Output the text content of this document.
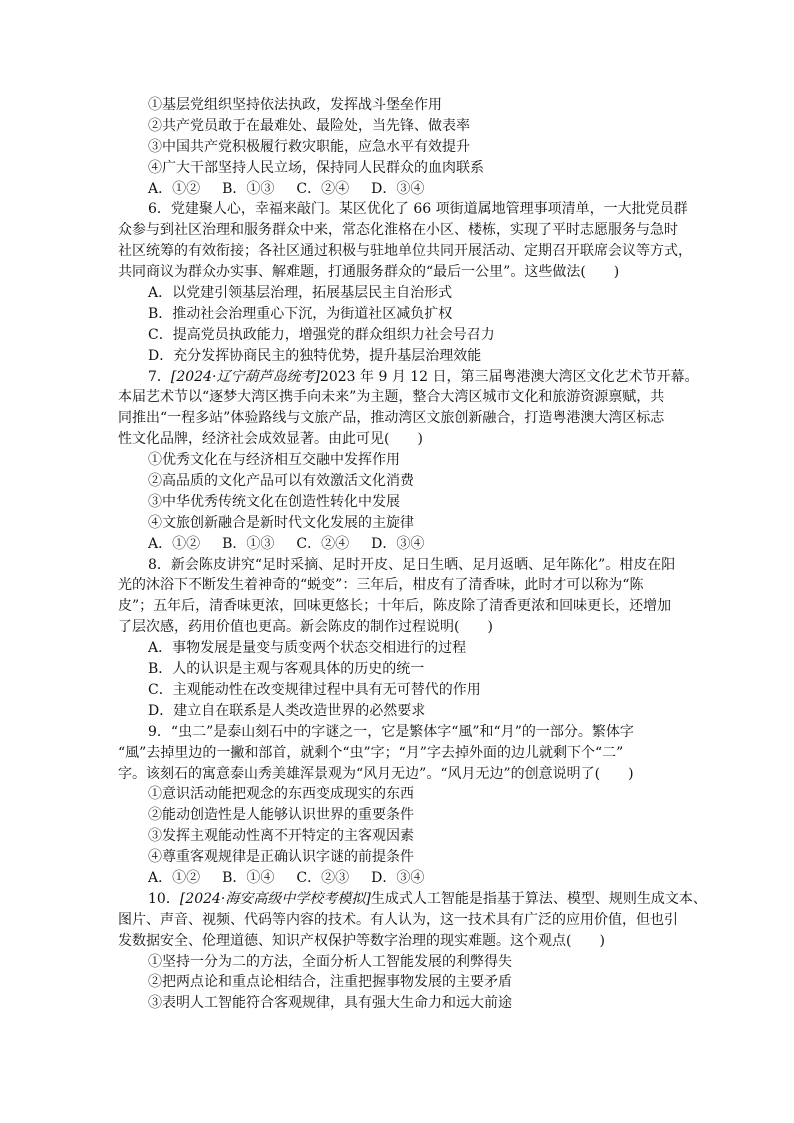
①基层党组织坚持依法执政，发挥战斗堡垒作用
②共产党员敢于在最难处、最险处，当先锋、做表率
③中国共产党积极履行救灾职能，应急水平有效提升
④广大干部坚持人民立场，保持同人民群众的血肉联系
A．①② B．①③ C．②④ D．③④
6．党建聚人心，幸福来敲门。某区优化了 66 项街道属地管理事项清单，一大批党员群
众参与到社区治理和服务群众中来，常态化淮格在小区、楼栋，实现了平时志愿服务与急时
社区统筹的有效衔接；各社区通过积极与驻地单位共同开展活动、定期召开联席会议等方式，
共同商议为群众办实事、解难题，打通服务群众的“最后一公里”。这些做法(　　)
A．以党建引领基层治理，拓展基层民主自治形式
B．推动社会治理重心下沉，为街道社区减负扩权
C．提高党员执政能力，增强党的群众组织力社会号召力
D．充分发挥协商民主的独特优势，提升基层治理效能
7．[2024·辽宁葫芦岛统考]2023 年 9 月 12 日，第三届粤港澳大湾区文化艺术节开幕。
本届艺术节以“逐梦大湾区携手向未来”为主题，整合大湾区城市文化和旅游资源禀赋，共
同推出“一程多站”体验路线与文旅产品，推动湾区文旅创新融合，打造粤港澳大湾区标志
性文化品牌，经济社会成效显著。由此可见(　　)
①优秀文化在与经济相互交融中发挥作用
②高品质的文化产品可以有效激活文化消费
③中华优秀传统文化在创造性转化中发展
④文旅创新融合是新时代文化发展的主旋律
A．①② B．①③ C．②④ D．③④
8．新会陈皮讲究“足时采摘、足时开皮、足日生晒、足月返晒、足年陈化”。柑皮在阳
光的沐浴下不断发生着神奇的“蜕变”：三年后，柑皮有了清香味，此时才可以称为“陈
皮”；五年后，清香味更浓，回味更悠长；十年后，陈皮除了清香更浓和回味更长，还增加
了层次感，药用价值也更高。新会陈皮的制作过程说明(　　)
A．事物发展是量变与质变两个状态交相进行的过程
B．人的认识是主观与客观具体的历史的统一
C．主观能动性在改变规律过程中具有无可替代的作用
D．建立自在联系是人类改造世界的必然要求
9．“虫二”是泰山刻石中的字谜之一，它是繁体字“風”和“月”的一部分。繁体字
“風”去掉里边的一撇和部首，就剩个“虫”字；“月”字去掉外面的边儿就剩下个“二”
字。该刻石的寓意泰山秀美雄浑景观为“风月无边”。“风月无边”的创意说明了(　　)
①意识活动能把观念的东西变成现实的东西
②能动创造性是人能够认识世界的重要条件
③发挥主观能动性离不开特定的主客观因素
④尊重客观规律是正确认识字谜的前提条件
A．①② B．①④ C．②③ D．③④
10．[2024·海安高级中学校考模拟]生成式人工智能是指基于算法、模型、规则生成文本、
图片、声音、视频、代码等内容的技术。有人认为，这一技术具有广泛的应用价值，但也引
发数据安全、伦理道德、知识产权保护等数字治理的现实难题。这个观点(　　)
①坚持一分为二的方法，全面分析人工智能发展的利弊得失
②把两点论和重点论相结合，注重把握事物发展的主要矛盾
③表明人工智能符合客观规律，具有强大生命力和远大前途
